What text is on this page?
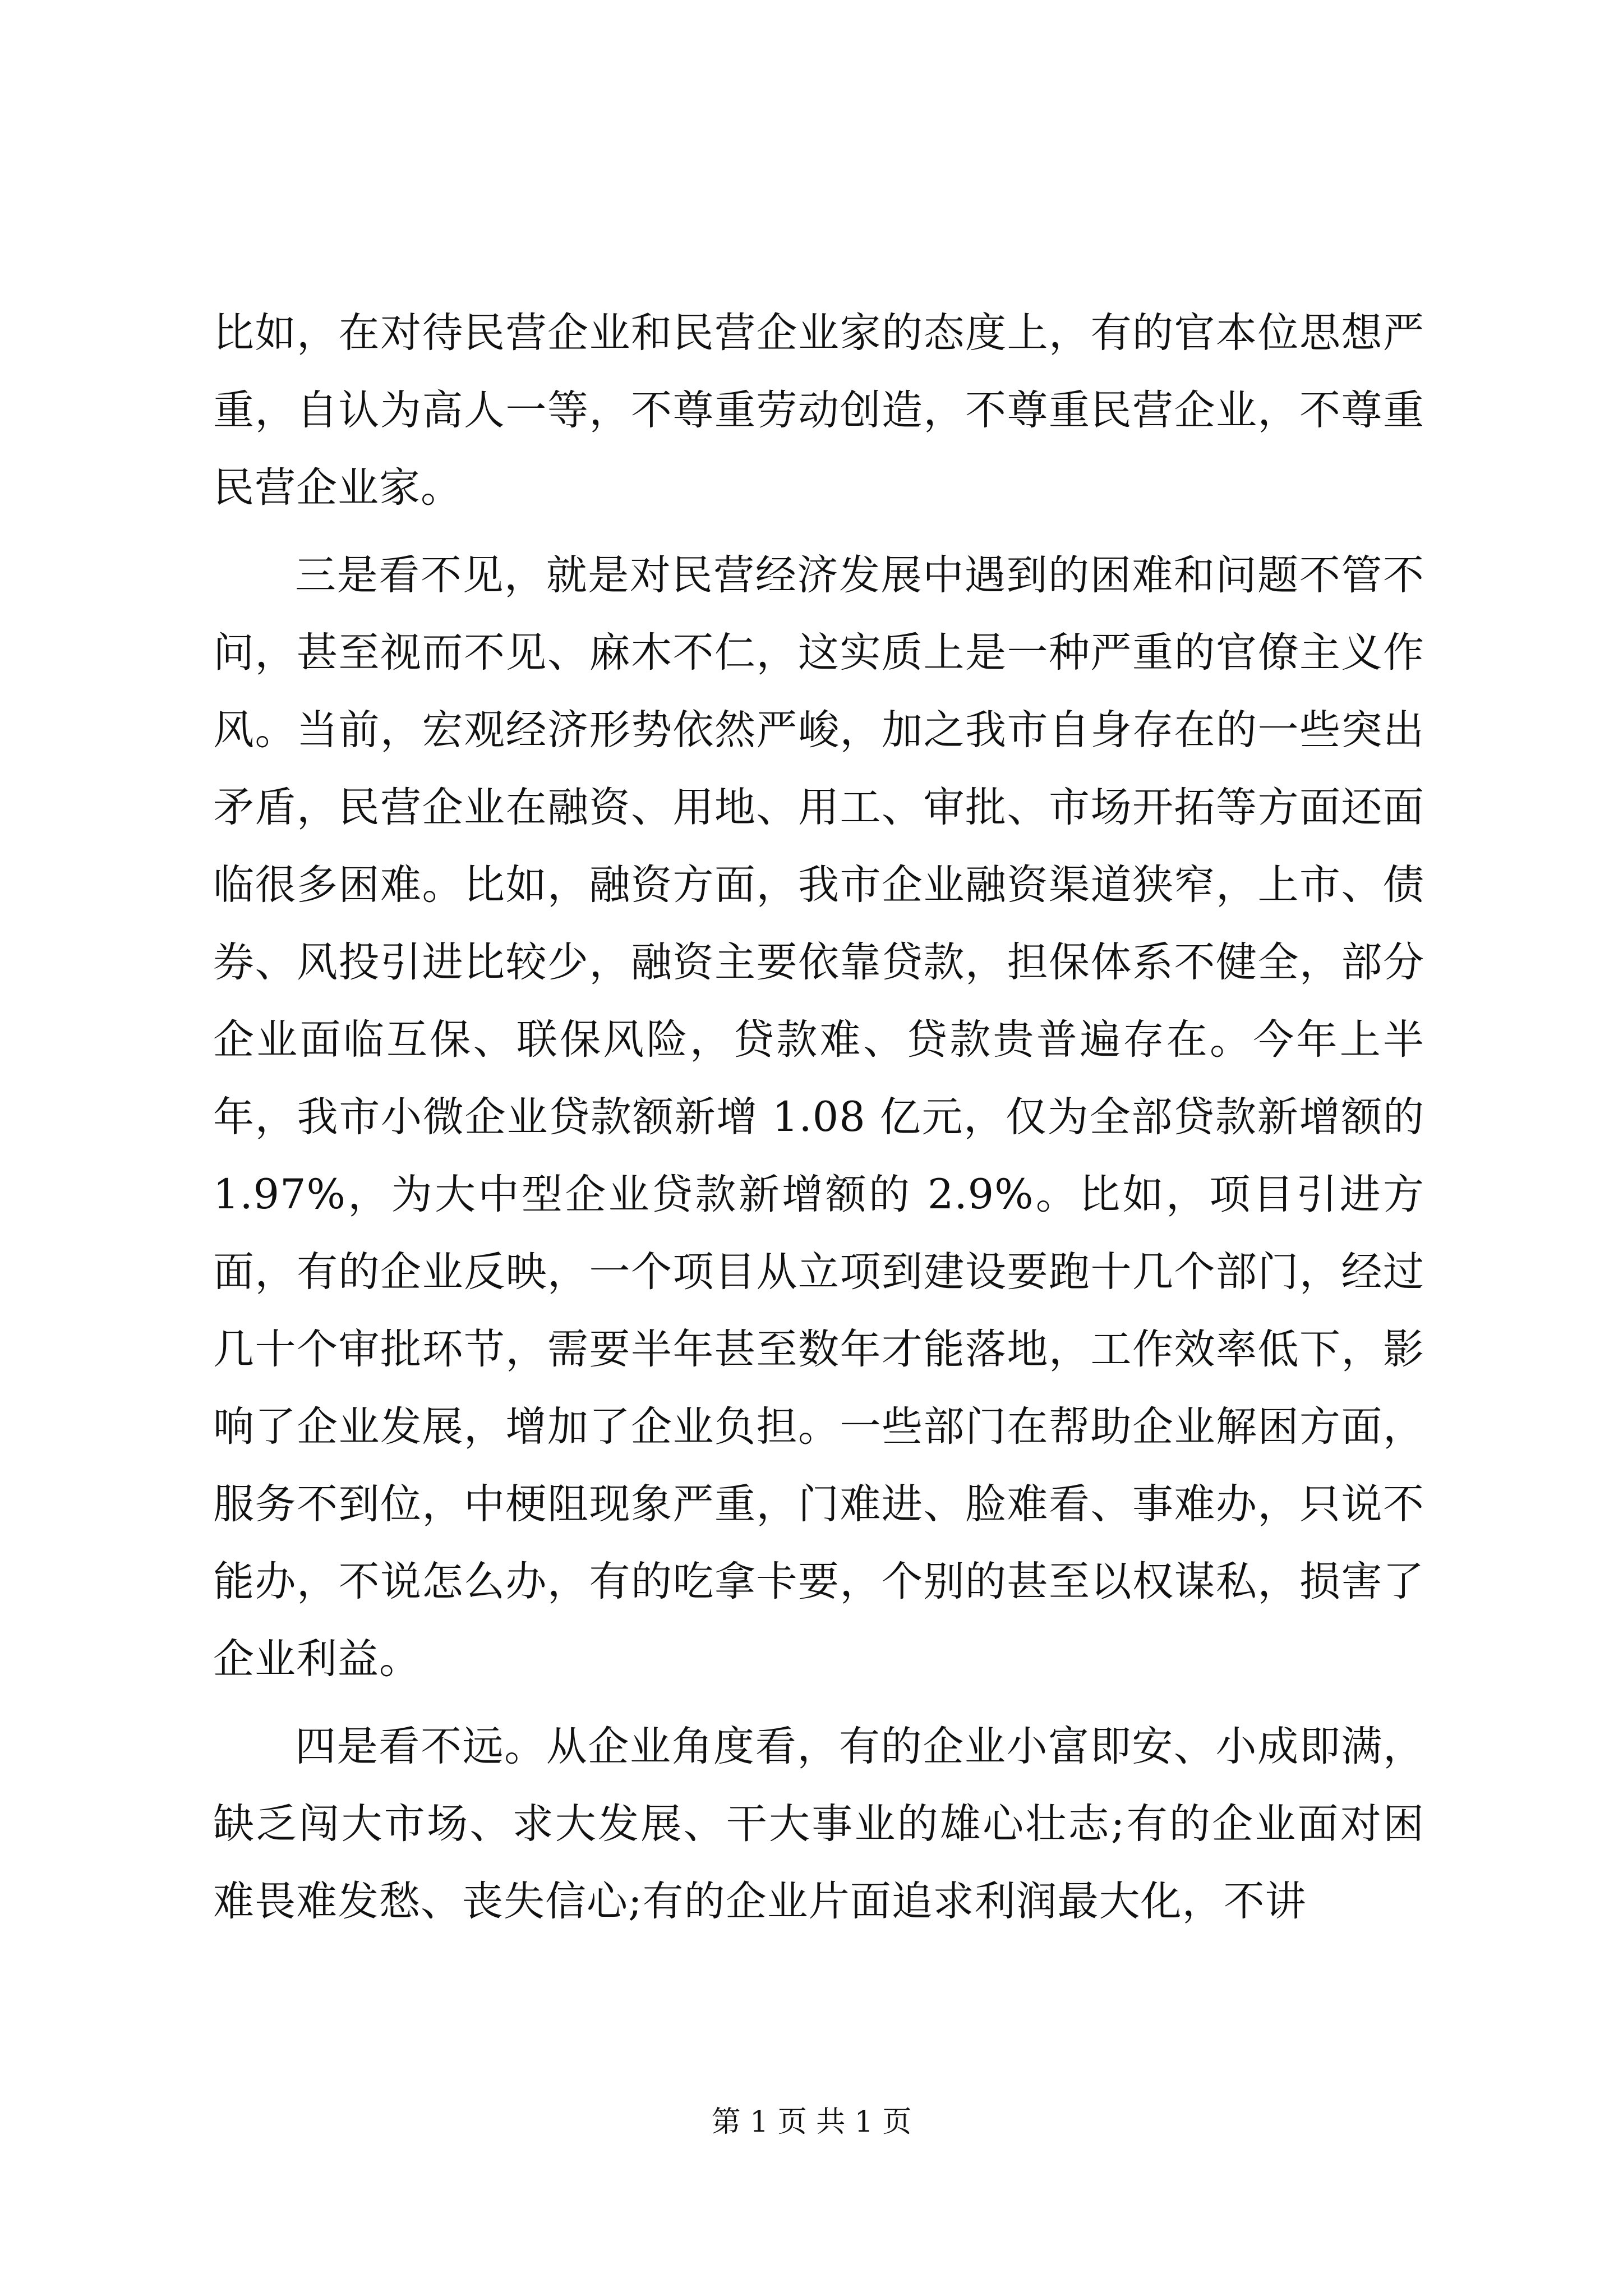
比如，在对待民营企业和民营企业家的态度上，有的官本位思想严重，自认为高人一等，不尊重劳动创造，不尊重民营企业，不尊重民营企业家。

三是看不见，就是对民营经济发展中遇到的困难和问题不管不问，甚至视而不见、麻木不仁，这实质上是一种严重的官僚主义作风。当前，宏观经济形势依然严峻，加之我市自身存在的一些突出矛盾，民营企业在融资、用地、用工、审批、市场开拓等方面还面临很多困难。比如，融资方面，我市企业融资渠道狭窄，上市、债券、风投引进比较少，融资主要依靠贷款，担保体系不健全，部分企业面临互保、联保风险，贷款难、贷款贵普遍存在。今年上半年，我市小微企业贷款额新增 1.08 亿元，仅为全部贷款新增额的 1.97%，为大中型企业贷款新增额的 2.9%。比如，项目引进方面，有的企业反映，一个项目从立项到建设要跑十几个部门，经过几十个审批环节，需要半年甚至数年才能落地，工作效率低下，影响了企业发展，增加了企业负担。一些部门在帮助企业解困方面，服务不到位，中梗阻现象严重，门难进、脸难看、事难办，只说不能办，不说怎么办，有的吃拿卡要，个别的甚至以权谋私，损害了企业利益。

四是看不远。从企业角度看，有的企业小富即安、小成即满，缺乏闯大市场、求大发展、干大事业的雄心壮志;有的企业面对困难畏难发愁、丧失信心;有的企业片面追求利润最大化，不讲

第 1 页 共 1 页
